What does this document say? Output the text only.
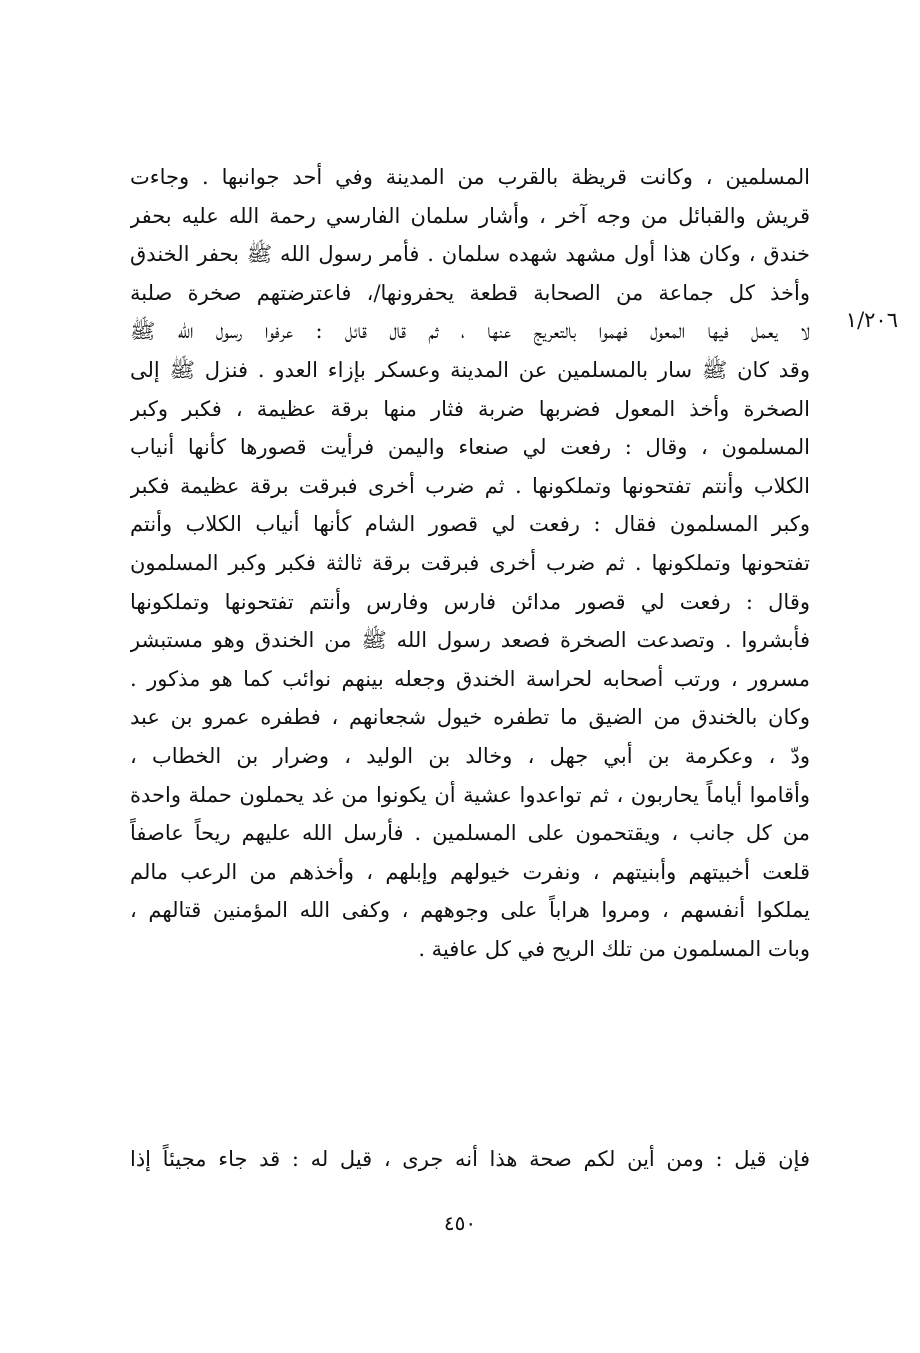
١/٢٠٦
المسلمين ، وكانت قريظة بالقرب من المدينة وفي أحد جوانبها . وجاءت
قريش والقبائل من وجه آخر ، وأشار سلمان الفارسي رحمة الله عليه بحفر
خندق ، وكان هذا أول مشهد شهده سلمان . فأمر رسول الله ﷺ بحفر الخندق
وأخذ كل جماعة من الصحابة قطعة يحفرونها/، فاعترضتهم صخرة صلبة
لا يعمل فيها المعول فهموا بالتعريج عنها ، ثم قال قائل : عرفوا رسول الله ﷺ
وقد كان ﷺ سار بالمسلمين عن المدينة وعسكر بإزاء العدو . فنزل ﷺ إلى
الصخرة وأخذ المعول فضربها ضربة فثار منها برقة عظيمة ، فكبر وكبر
المسلمون ، وقال : رفعت لي صنعاء واليمن فرأيت قصورها كأنها أنياب
الكلاب وأنتم تفتحونها وتملكونها . ثم ضرب أخرى فبرقت برقة عظيمة فكبر
وكبر المسلمون فقال : رفعت لي قصور الشام كأنها أنياب الكلاب وأنتم
تفتحونها وتملكونها . ثم ضرب أخرى فبرقت برقة ثالثة فكبر وكبر المسلمون
وقال : رفعت لي قصور مدائن فارس وفارس وأنتم تفتحونها وتملكونها
فأبشروا . وتصدعت الصخرة فصعد رسول الله ﷺ من الخندق وهو مستبشر
مسرور ، ورتب أصحابه لحراسة الخندق وجعله بينهم نوائب كما هو مذكور .
وكان بالخندق من الضيق ما تطفره خيول شجعانهم ، فطفره عمرو بن عبد
ودّ ، وعكرمة بن أبي جهل ، وخالد بن الوليد ، وضرار بن الخطاب ،
وأقاموا أياماً يحاربون ، ثم تواعدوا عشية أن يكونوا من غد يحملون حملة واحدة
من كل جانب ، ويقتحمون على المسلمين . فأرسل الله عليهم ريحاً عاصفاً
قلعت أخبيتهم وأبنيتهم ، ونفرت خيولهم وإبلهم ، وأخذهم من الرعب مالم
يملكوا أنفسهم ، ومروا هراباً على وجوههم ، وكفى الله المؤمنين قتالهم ،
وبات المسلمون من تلك الريح في كل عافية .
فإن قيل : ومن أين لكم صحة هذا أنه جرى ، قيل له : قد جاء مجيئاً إذا
٤٥٠
